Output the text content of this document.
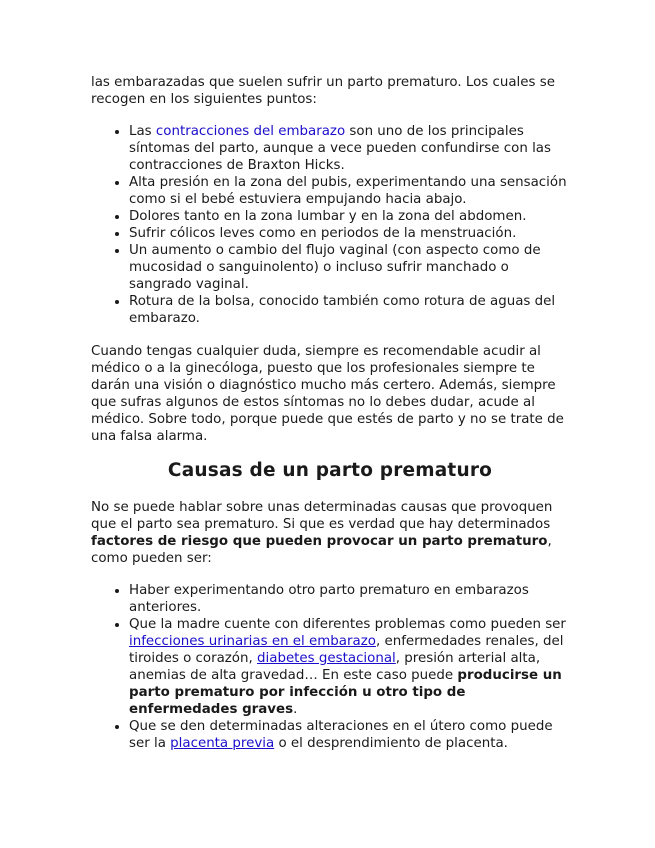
las embarazadas que suelen sufrir un parto prematuro. Los cuales se recogen en los siguientes puntos:

• Las contracciones del embarazo son uno de los principales síntomas del parto, aunque a vece pueden confundirse con las contracciones de Braxton Hicks.
• Alta presión en la zona del pubis, experimentando una sensación como si el bebé estuviera empujando hacia abajo.
• Dolores tanto en la zona lumbar y en la zona del abdomen.
• Sufrir cólicos leves como en periodos de la menstruación.
• Un aumento o cambio del flujo vaginal (con aspecto como de mucosidad o sanguinolento) o incluso sufrir manchado o sangrado vaginal.
• Rotura de la bolsa, conocido también como rotura de aguas del embarazo.

Cuando tengas cualquier duda, siempre es recomendable acudir al médico o a la ginecóloga, puesto que los profesionales siempre te darán una visión o diagnóstico mucho más certero. Además, siempre que sufras algunos de estos síntomas no lo debes dudar, acude al médico. Sobre todo, porque puede que estés de parto y no se trate de una falsa alarma.

Causas de un parto prematuro

No se puede hablar sobre unas determinadas causas que provoquen que el parto sea prematuro. Si que es verdad que hay determinados factores de riesgo que pueden provocar un parto prematuro, como pueden ser:

• Haber experimentando otro parto prematuro en embarazos anteriores.
• Que la madre cuente con diferentes problemas como pueden ser infecciones urinarias en el embarazo, enfermedades renales, del tiroides o corazón, diabetes gestacional, presión arterial alta, anemias de alta gravedad… En este caso puede producirse un parto prematuro por infección u otro tipo de enfermedades graves.
• Que se den determinadas alteraciones en el útero como puede ser la placenta previa o el desprendimiento de placenta.
